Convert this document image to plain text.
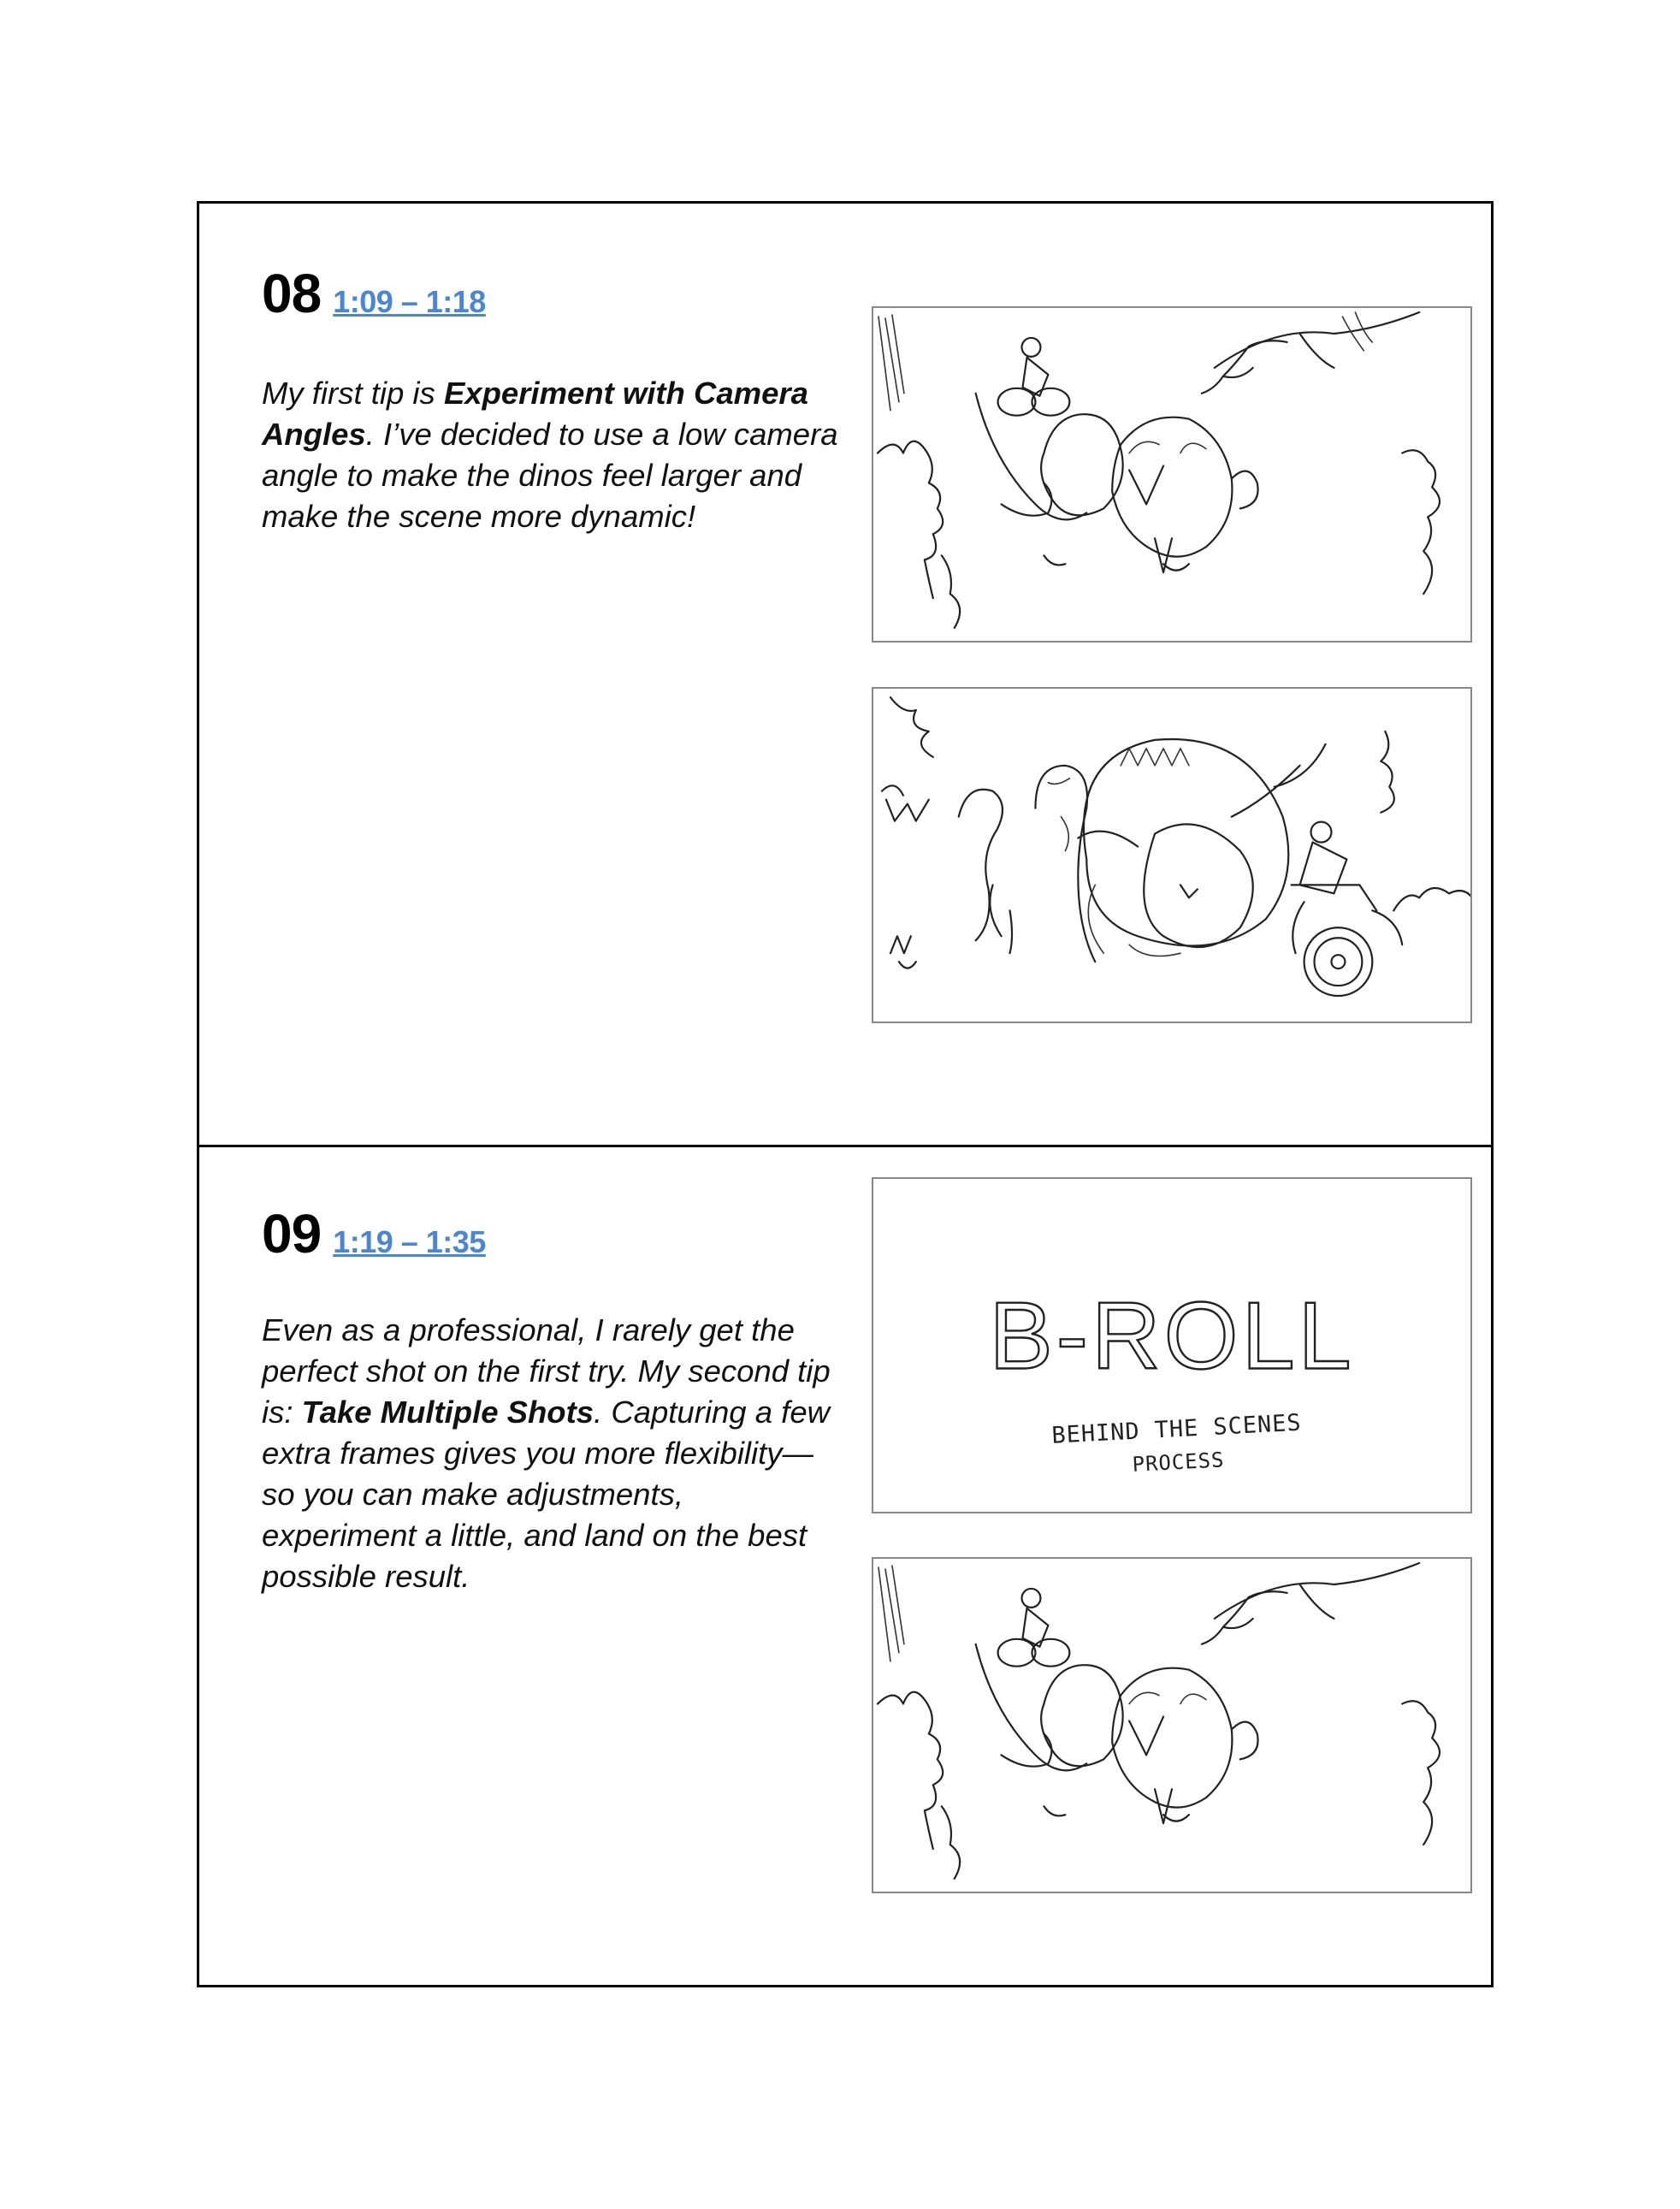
08 1:09 – 1:18
My first tip is Experiment with Camera Angles. I’ve decided to use a low camera angle to make the dinos feel larger and make the scene more dynamic!
09 1:19 – 1:35
Even as a professional, I rarely get the perfect shot on the first try. My second tip is: Take Multiple Shots. Capturing a few extra frames gives you more flexibility—so you can make adjustments, experiment a little, and land on the best possible result.
B-ROLL
BEHIND THE SCENES
PROCESS
